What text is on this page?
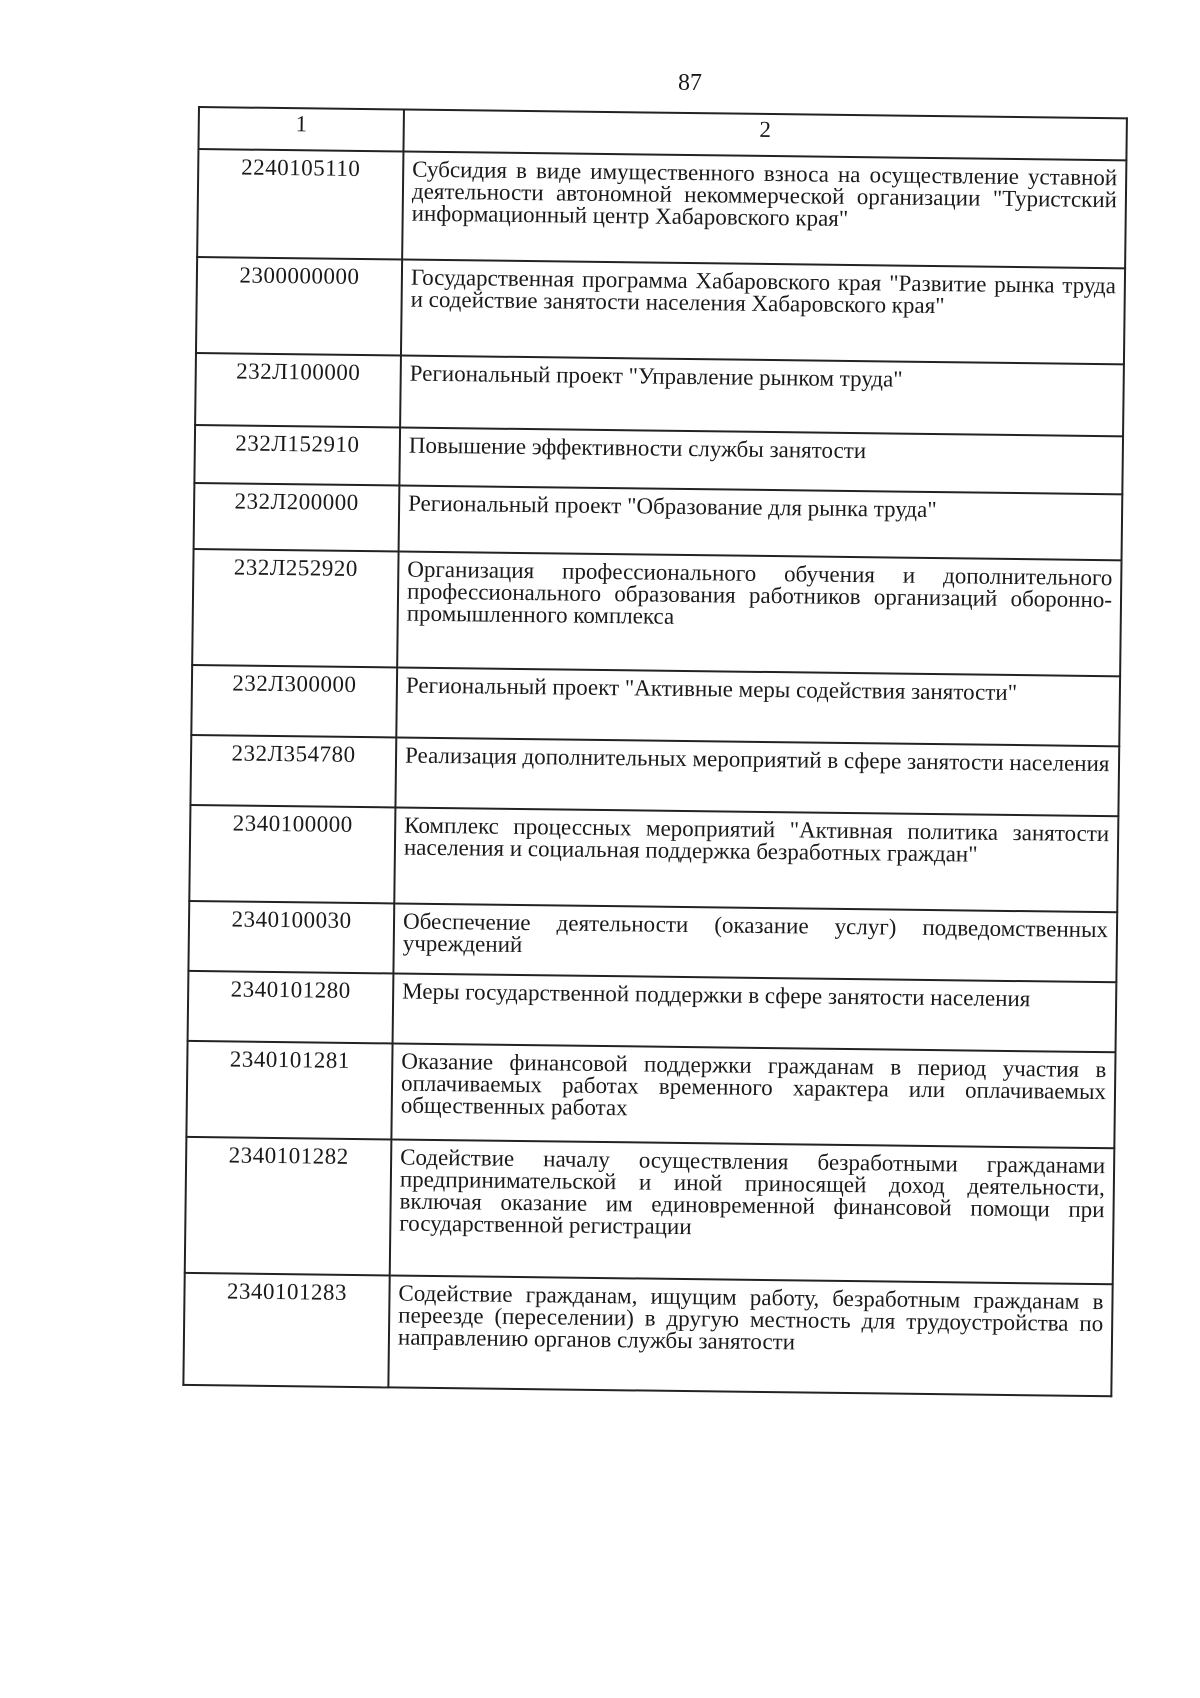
87
1	2
2240105110	Субсидия в виде имущественного взноса на осуществление уставной деятельности автономной некоммерческой организации "Туристский информационный центр Хабаровского края"
2300000000	Государственная программа Хабаровского края "Развитие рынка труда и содействие занятости населения Хабаровского края"
232Л100000	Региональный проект "Управление рынком труда"
232Л152910	Повышение эффективности службы занятости
232Л200000	Региональный проект "Образование для рынка труда"
232Л252920	Организация профессионального обучения и дополнительного профессионального образования работников организаций оборонно-промышленного комплекса
232Л300000	Региональный проект "Активные меры содействия занятости"
232Л354780	Реализация дополнительных мероприятий в сфере занятости населения
2340100000	Комплекс процессных мероприятий "Активная политика занятости населения и социальная поддержка безработных граждан"
2340100030	Обеспечение деятельности (оказание услуг) подведомственных учреждений
2340101280	Меры государственной поддержки в сфере занятости населения
2340101281	Оказание финансовой поддержки гражданам в период участия в оплачиваемых работах временного характера или оплачиваемых общественных работах
2340101282	Содействие началу осуществления безработными гражданами предпринимательской и иной приносящей доход деятельности, включая оказание им единовременной финансовой помощи при государственной регистрации
2340101283	Содействие гражданам, ищущим работу, безработным гражданам в переезде (переселении) в другую местность для трудоустройства по направлению органов службы занятости
